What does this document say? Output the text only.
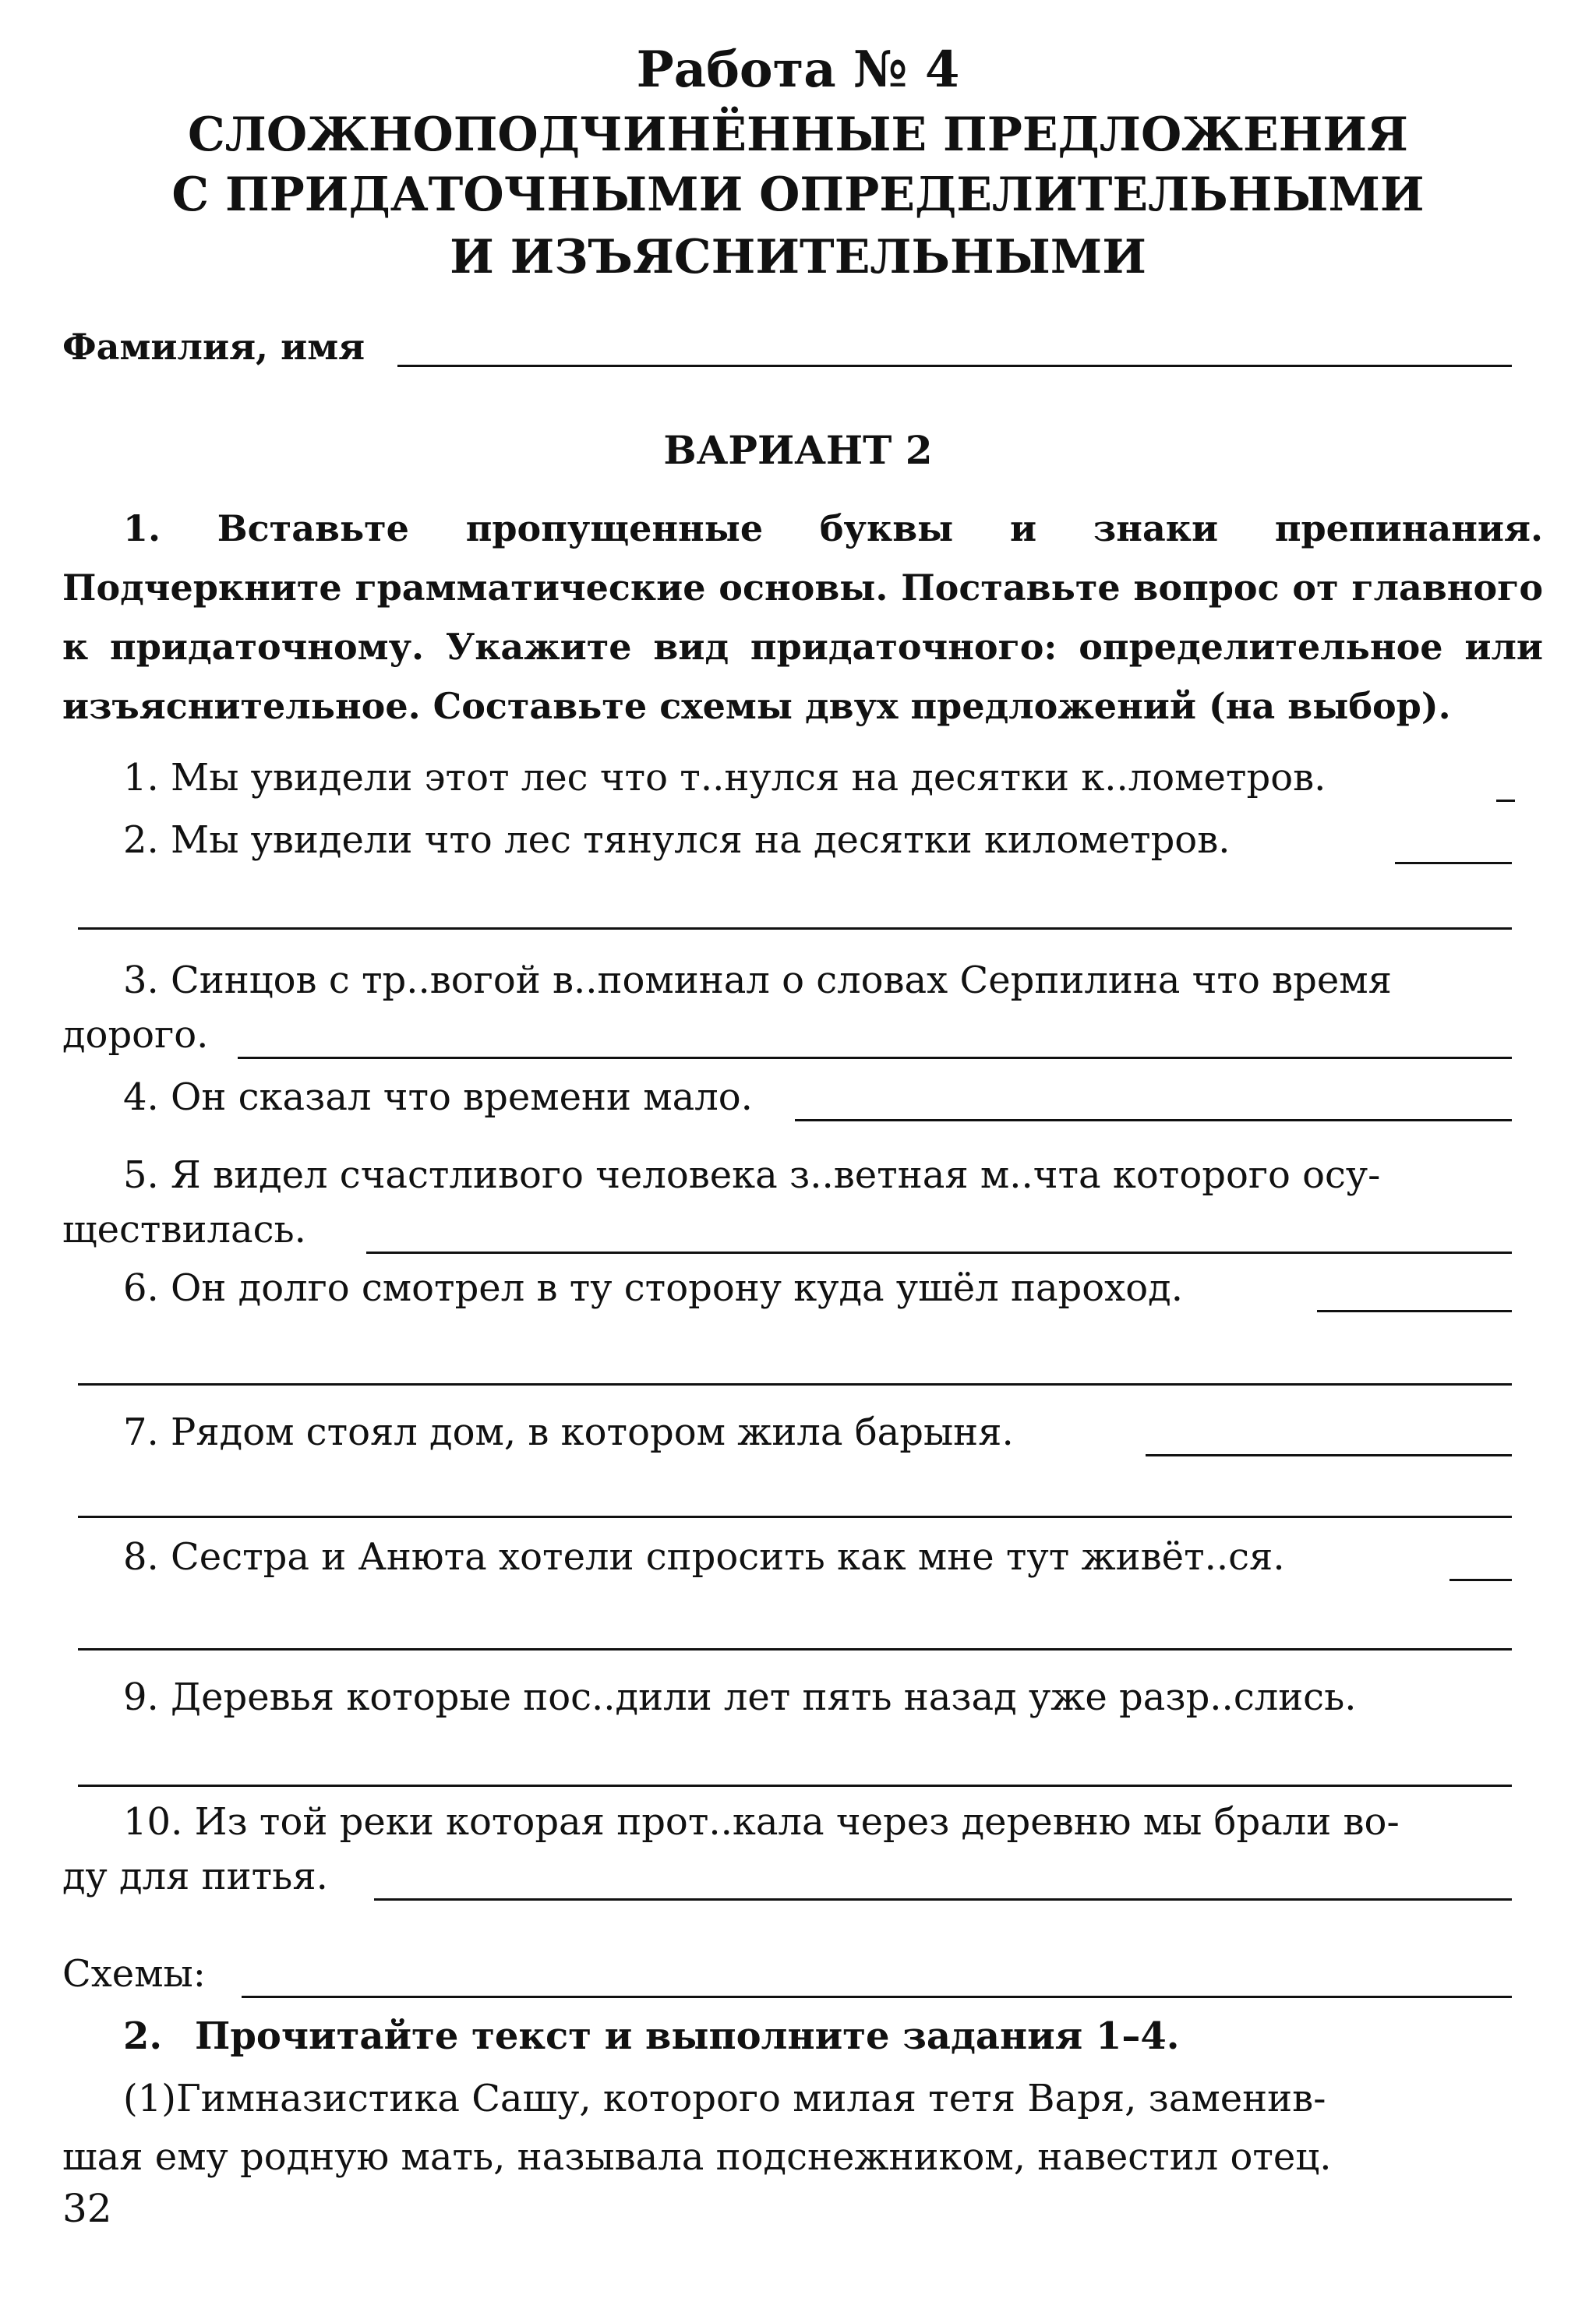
Работа № 4
СЛОЖНОПОДЧИНЁННЫЕ ПРЕДЛОЖЕНИЯ
С ПРИДАТОЧНЫМИ ОПРЕДЕЛИТЕЛЬНЫМИ
И ИЗЪЯСНИТЕЛЬНЫМИ
Фамилия, имя
ВАРИАНТ 2
1. Вставьте пропущенные буквы и знаки препинания. Подчеркните грамматические основы. Поставьте вопрос от главного к придаточному. Укажите вид придаточного: определительное или изъяснительное. Составьте схемы двух предложений (на выбор).
1. Мы увидели этот лес что т..нулся на десятки к..лометров.
2. Мы увидели что лес тянулся на десятки километров.
3. Синцов с тр..вогой в..поминал о словах Серпилина что время
дорого.
4. Он сказал что времени мало.
5. Я видел счастливого человека з..ветная м..чта которого осу-
ществилась.
6. Он долго смотрел в ту сторону куда ушёл пароход.
7. Рядом стоял дом, в котором жила барыня.
8. Сестра и Анюта хотели спросить как мне тут живёт..ся.
9. Деревья которые пос..дили лет пять назад уже разр..слись.
10. Из той реки которая прот..кала через деревню мы брали во-
ду для питья.
Схемы:
2. Прочитайте текст и выполните задания 1–4.
(1)Гимназистика Сашу, которого милая тетя Варя, заменив-
шая ему родную мать, называла подснежником, навестил отец.
32
